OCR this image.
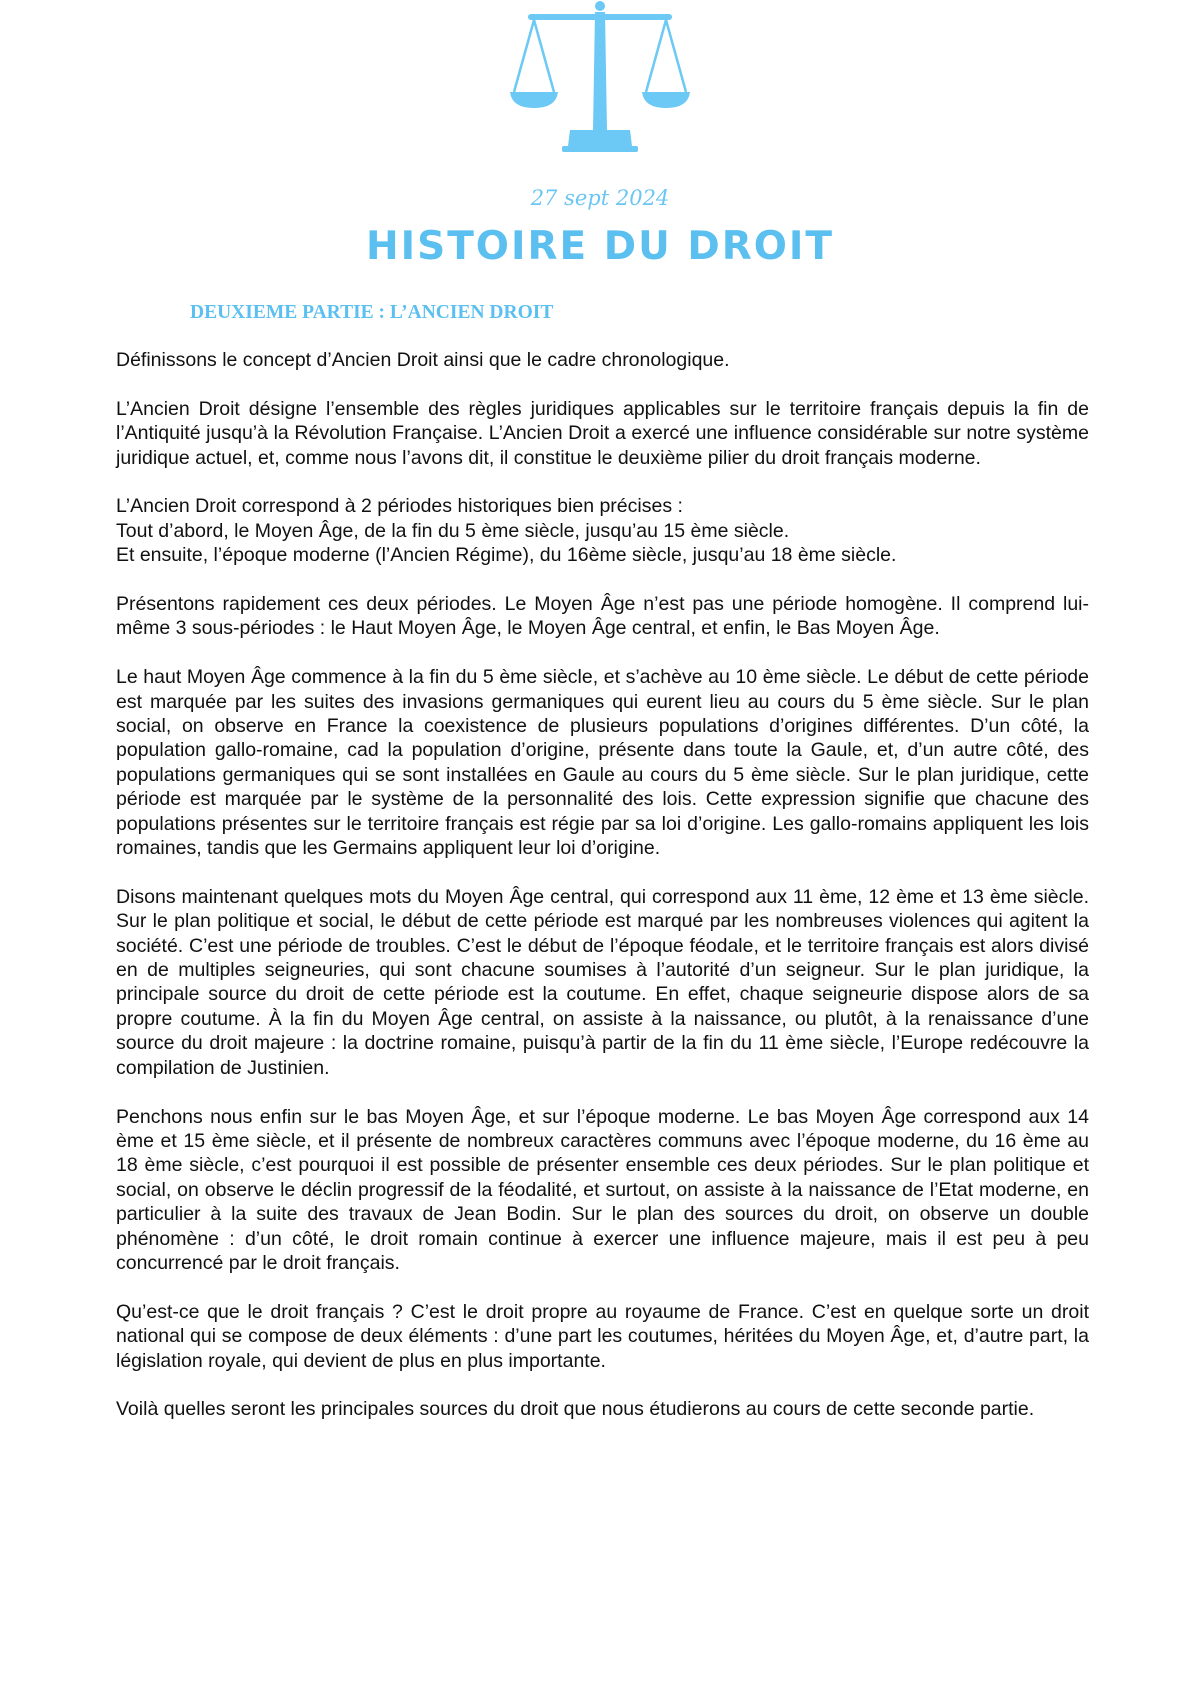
27 sept 2024
HISTOIRE DU DROIT
DEUXIEME PARTIE : L’ANCIEN DROIT

Définissons le concept d’Ancien Droit ainsi que le cadre chronologique.

L’Ancien Droit désigne l’ensemble des règles juridiques applicables sur le territoire français depuis la fin de l’Antiquité jusqu’à la Révolution Française. L’Ancien Droit a exercé une influence considérable sur notre système juridique actuel, et, comme nous l’avons dit, il constitue le deuxième pilier du droit français moderne.

L’Ancien Droit correspond à 2 périodes historiques bien précises :
Tout d’abord, le Moyen Âge, de la fin du 5 ème siècle, jusqu’au 15 ème siècle.
Et ensuite, l’époque moderne (l’Ancien Régime), du 16ème siècle, jusqu’au 18 ème siècle.

Présentons rapidement ces deux périodes. Le Moyen Âge n’est pas une période homogène. Il comprend lui-même 3 sous-périodes : le Haut Moyen Âge, le Moyen Âge central, et enfin, le Bas Moyen Âge.

Le haut Moyen Âge commence à la fin du 5 ème siècle, et s’achève au 10 ème siècle. Le début de cette période est marquée par les suites des invasions germaniques qui eurent lieu au cours du 5 ème siècle. Sur le plan social, on observe en France la coexistence de plusieurs populations d’origines différentes. D’un côté, la population gallo-romaine, cad la population d’origine, présente dans toute la Gaule, et, d’un autre côté, des populations germaniques qui se sont installées en Gaule au cours du 5 ème siècle. Sur le plan juridique, cette période est marquée par le système de la personnalité des lois. Cette expression signifie que chacune des populations présentes sur le territoire français est régie par sa loi d’origine. Les gallo-romains appliquent les lois romaines, tandis que les Germains appliquent leur loi d’origine.

Disons maintenant quelques mots du Moyen Âge central, qui correspond aux 11 ème, 12 ème et 13 ème siècle. Sur le plan politique et social, le début de cette période est marqué par les nombreuses violences qui agitent la société. C’est une période de troubles. C’est le début de l’époque féodale, et le territoire français est alors divisé en de multiples seigneuries, qui sont chacune soumises à l’autorité d’un seigneur. Sur le plan juridique, la principale source du droit de cette période est la coutume. En effet, chaque seigneurie dispose alors de sa propre coutume. À la fin du Moyen Âge central, on assiste à la naissance, ou plutôt, à la renaissance d’une source du droit majeure : la doctrine romaine, puisqu’à partir de la fin du 11 ème siècle, l’Europe redécouvre la compilation de Justinien.

Penchons nous enfin sur le bas Moyen Âge, et sur l’époque moderne. Le bas Moyen Âge correspond aux 14 ème et 15 ème siècle, et il présente de nombreux caractères communs avec l’époque moderne, du 16 ème au 18 ème siècle, c’est pourquoi il est possible de présenter ensemble ces deux périodes. Sur le plan politique et social, on observe le déclin progressif de la féodalité, et surtout, on assiste à la naissance de l’Etat moderne, en particulier à la suite des travaux de Jean Bodin. Sur le plan des sources du droit, on observe un double phénomène : d’un côté, le droit romain continue à exercer une influence majeure, mais il est peu à peu concurrencé par le droit français.

Qu’est-ce que le droit français ? C’est le droit propre au royaume de France. C’est en quelque sorte un droit national qui se compose de deux éléments : d’une part les coutumes, héritées du Moyen Âge, et, d’autre part, la législation royale, qui devient de plus en plus importante.

Voilà quelles seront les principales sources du droit que nous étudierons au cours de cette seconde partie.
